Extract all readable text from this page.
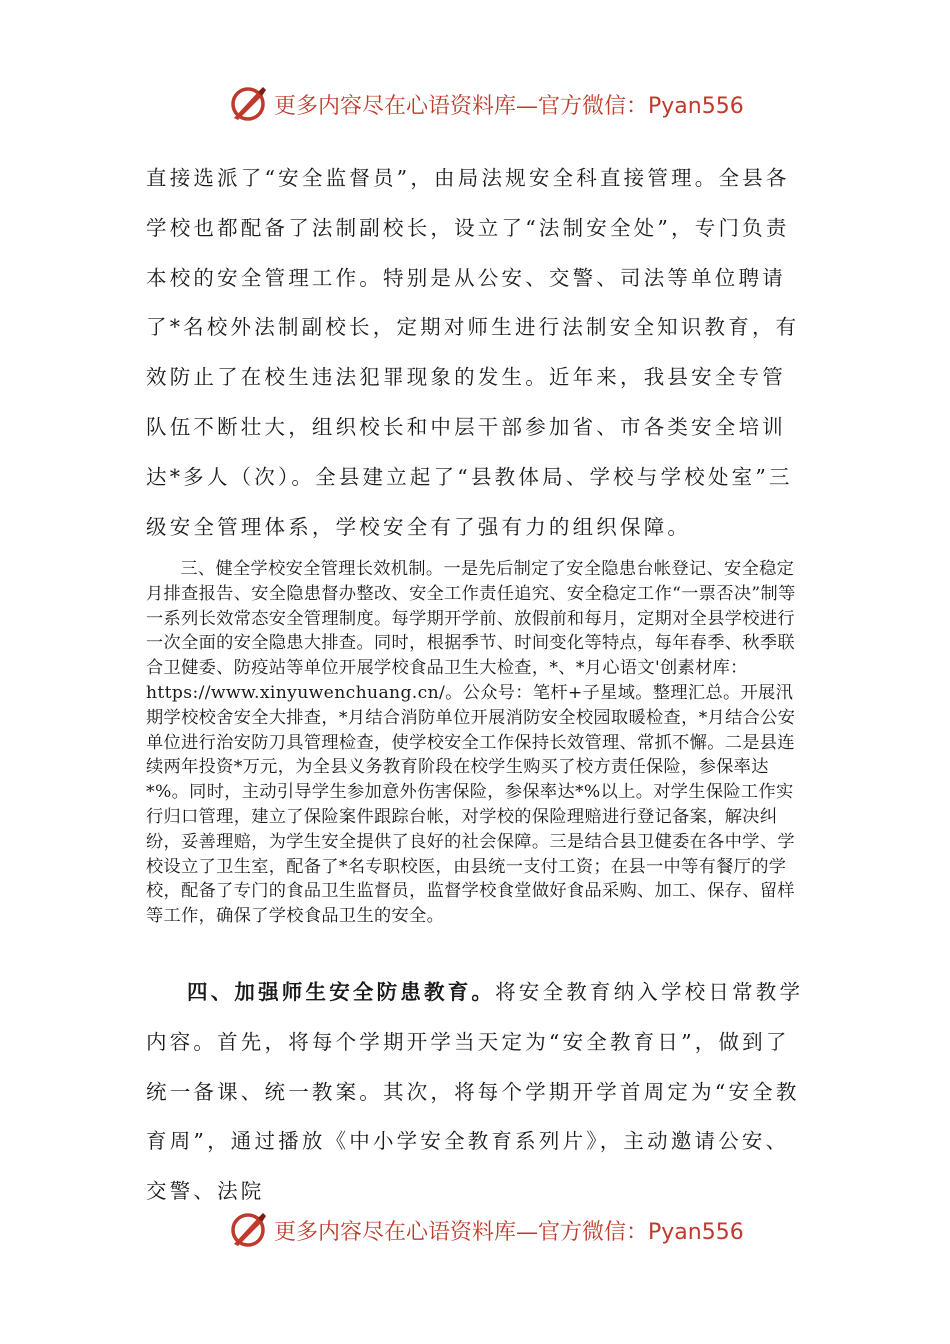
更多内容尽在心语资料库—官方微信：Pyan556
直接选派了“安全监督员”，由局法规安全科直接管理。全县各学校也都配备了法制副校长，设立了“法制安全处”，专门负责本校的安全管理工作。特别是从公安、交警、司法等单位聘请了*名校外法制副校长，定期对师生进行法制安全知识教育，有效防止了在校生违法犯罪现象的发生。近年来，我县安全专管队伍不断壮大，组织校长和中层干部参加省、市各类安全培训达*多人（次）。全县建立起了“县教体局、学校与学校处室”三级安全管理体系，学校安全有了强有力的组织保障。
三、健全学校安全管理长效机制。一是先后制定了安全隐患台帐登记、安全稳定月排查报告、安全隐患督办整改、安全工作责任追究、安全稳定工作“一票否决”制等一系列长效常态安全管理制度。每学期开学前、放假前和每月，定期对全县学校进行一次全面的安全隐患大排查。同时，根据季节、时间变化等特点，每年春季、秋季联合卫健委、防疫站等单位开展学校食品卫生大检查，*、*月心语文'创素材库：https://www.xinyuwenchuang.cn/。公众号：笔杆+子星域。整理汇总。开展汛期学校校舍安全大排查，*月结合消防单位开展消防安全校园取暖检查，*月结合公安单位进行治安防刀具管理检查，使学校安全工作保持长效管理、常抓不懈。二是县连续两年投资*万元，为全县义务教育阶段在校学生购买了校方责任保险，参保率达*%。同时，主动引导学生参加意外伤害保险，参保率达*%以上。对学生保险工作实行归口管理，建立了保险案件跟踪台帐，对学校的保险理赔进行登记备案，解决纠纷，妥善理赔，为学生安全提供了良好的社会保障。三是结合县卫健委在各中学、学校设立了卫生室，配备了*名专职校医，由县统一支付工资；在县一中等有餐厅的学校，配备了专门的食品卫生监督员，监督学校食堂做好食品采购、加工、保存、留样等工作，确保了学校食品卫生的安全。
四、加强师生安全防患教育。将安全教育纳入学校日常教学内容。首先，将每个学期开学当天定为“安全教育日”，做到了统一备课、统一教案。其次，将每个学期开学首周定为“安全教育周”，通过播放《中小学安全教育系列片》，主动邀请公安、交警、法院
更多内容尽在心语资料库—官方微信：Pyan556
